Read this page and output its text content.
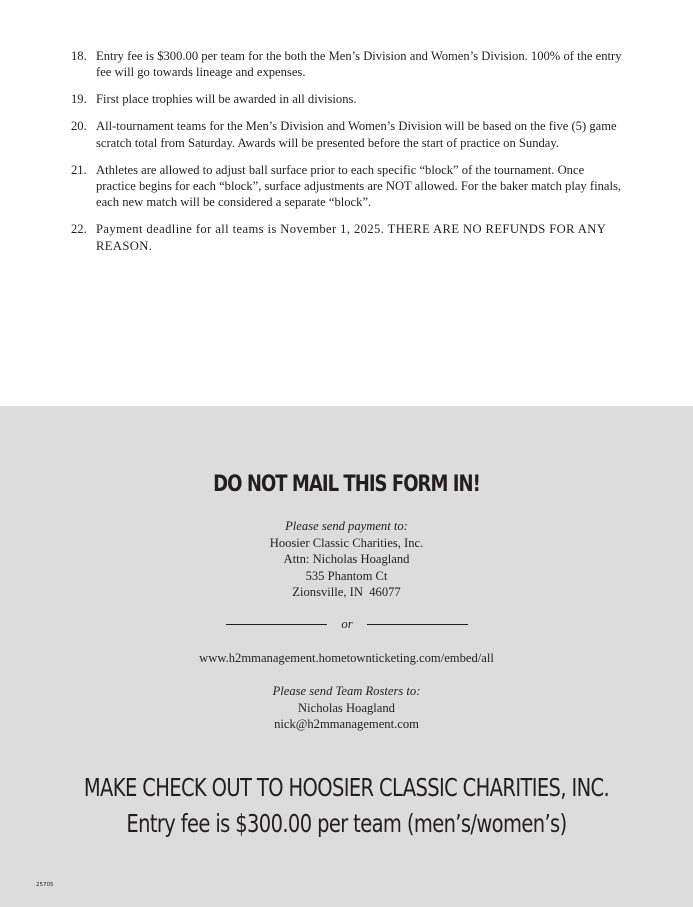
18. Entry fee is $300.00 per team for the both the Men’s Division and Women’s Division. 100% of the entry fee will go towards lineage and expenses.
19. First place trophies will be awarded in all divisions.
20. All-tournament teams for the Men’s Division and Women’s Division will be based on the five (5) game scratch total from Saturday. Awards will be presented before the start of practice on Sunday.
21. Athletes are allowed to adjust ball surface prior to each specific “block” of the tournament. Once practice begins for each “block”, surface adjustments are NOT allowed. For the baker match play finals, each new match will be considered a separate “block”.
22. Payment deadline for all teams is November 1, 2025. THERE ARE NO REFUNDS FOR ANY REASON.
DO NOT MAIL THIS FORM IN!
Please send payment to:
Hoosier Classic Charities, Inc.
Attn: Nicholas Hoagland
535 Phantom Ct
Zionsville, IN  46077
or
www.h2mmanagement.hometownticketing.com/embed/all
Please send Team Rosters to:
Nicholas Hoagland
nick@h2mmanagement.com
MAKE CHECK OUT TO HOOSIER CLASSIC CHARITIES, INC.
Entry fee is $300.00 per team (men’s/women’s)
25705
